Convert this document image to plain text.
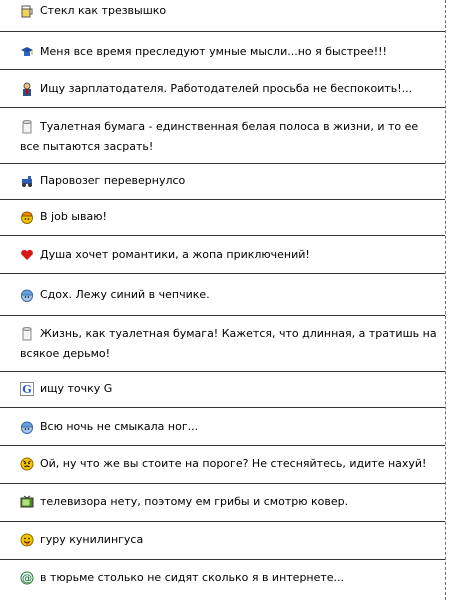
Стекл как трезвышко
Меня все время преследуют умные мысли...но я быстрее!!!
Ищу зарплатодателя. Работодателей просьба не беспокоить!...
Туалетная бумага - единственная белая полоса в жизни, и то ее все пытаются засрать!
Паровозег перевернулсо
В job ываю!
Душа хочет романтики, а жопа приключений!
Сдох. Лежу синий в чепчике.
Жизнь, как туалетная бумага! Кажется, что длинная, а тратишь на всякое дерьмо!
G ищу точку G
Всю ночь не смыкала ног...
Ой, ну что же вы стоите на пороге? Не стесняйтесь, идите нахуй!
телевизора нету, поэтому ем грибы и смотрю ковер.
гуру кунилингуса
@ в тюрьме столько не сидят сколько я в интернете...
